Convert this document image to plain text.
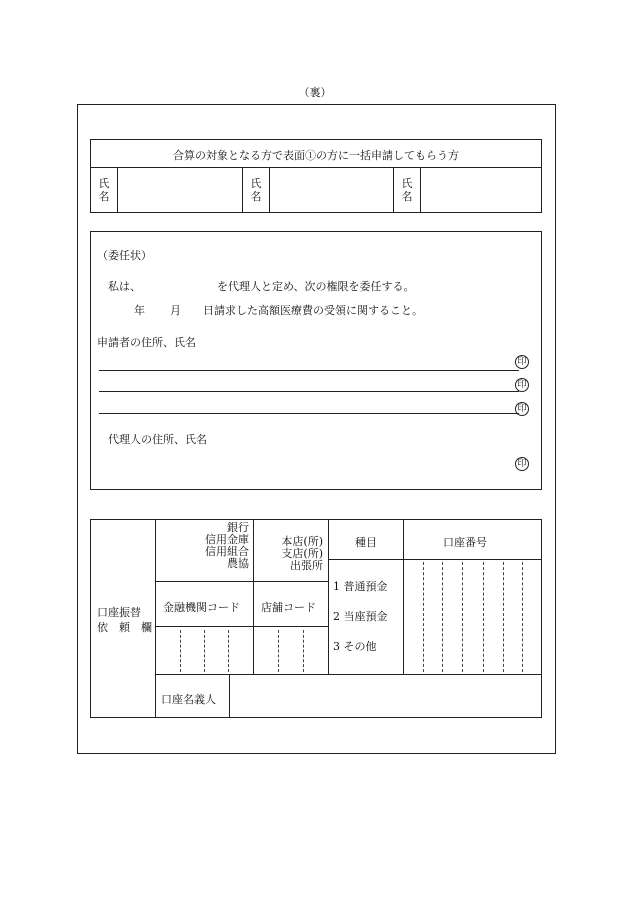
（裏）
合算の対象となる方で表面①の方に一括申請してもらう方
氏
名
氏
名
氏
名
（委任状）
私は、	を代理人と定め、次の権限を委任する。
年 月 日請求した高額医療費の受領に関すること。
申請者の住所、氏名
印
印
印
代理人の住所、氏名
印
口座振替
依　頼　欄
銀行
信用金庫
信用組合
農協
本店(所)
支店(所)
出張所
金融機関コード 店舗コード
種目	口座番号
1 普通預金
2 当座預金
3 その他
口座名義人
